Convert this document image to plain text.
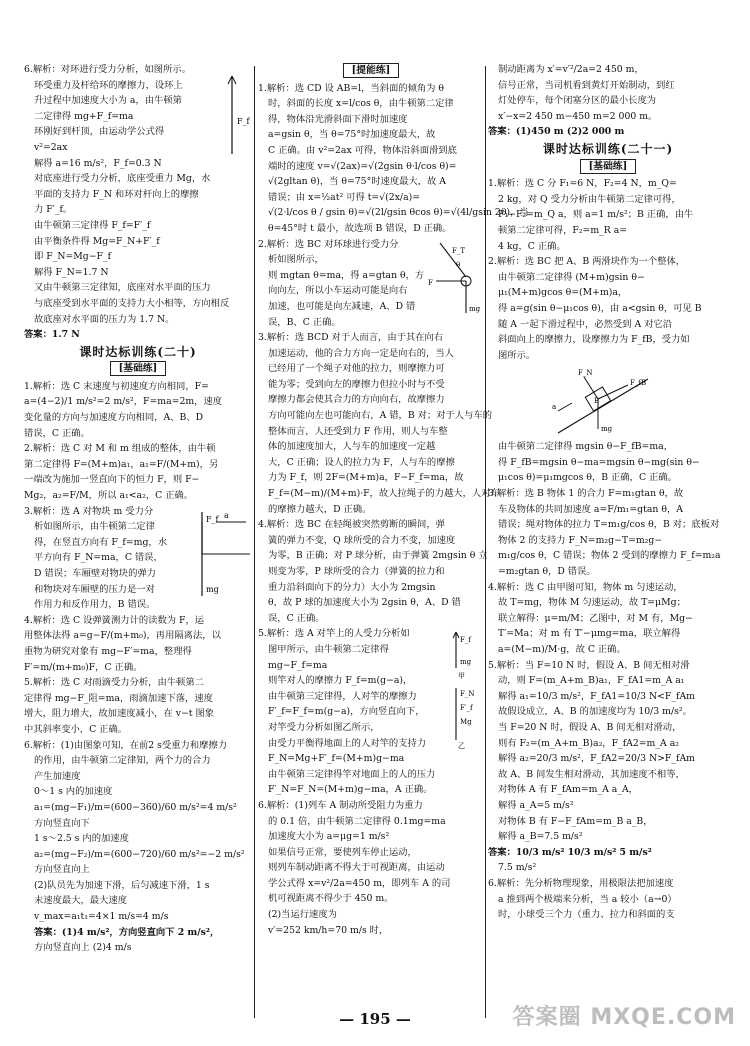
F_f

6.解析：对环进行受力分析，如图所示。

环受重力及杆给环的摩擦力，设环上

升过程中加速度大小为 a，由牛顿第

二定律得 mg+F_f=ma

环刚好到杆顶，由运动学公式得

v²=2ax

解得 a=16 m/s²，F_f=0.3 N

对底座进行受力分析，底座受重力 Mg，水

平面的支持力 F_N 和环对杆向上的摩擦

力 F′_f。

由牛顿第三定律得 F_f=F′_f

由平衡条件得 Mg=F_N+F′_f

即 F_N=Mg−F_f

解得 F_N=1.7 N

又由牛顿第三定律知，底座对水平面的压力

与底座受到水平面的支持力大小相等，方向相反

故底座对水平面的压力为 1.7 N。

答案：1.7 N

课时达标训练(二十)
[基础练]

1.解析：选 C 末速度与初速度方向相同，F=

a=(4−2)/1 m/s²=2 m/s²，F=ma=2m，速度

变化量的方向与加速度方向相同，A、B、D

错误，C 正确。

2.解析：选 C 对 M 和 m 组成的整体，由牛顿

第二定律得 F=(M+m)a₁，a₁=F/(M+m)，另

一端改为施加一竖直向下的恒力 F，则 F−

Mg₂，a₂=F/M，所以 a₁<a₂，C 正确。

F_f a
mg

3.解析：选 A 对物块 m 受力分

析如图所示，由牛顿第二定律

得，在竖直方向有 F_f=mg，水

平方向有 F_N=ma，C 错误，

D 错误；车厢壁对物块的弹力

和物块对车厢壁的压力是一对

作用力和反作用力，B 错误。

4.解析：选 C 设弹簧测力计的读数为 F，运

用整体法得 a=g−F/(m+m₀)，再用隔离法，以

重物为研究对象有 mg−F′=ma，整理得

F′=m/(m+m₀)F，C 正确。

5.解析：选 C 对雨滴受力分析，由牛顿第二

定律得 mg−F_阻=ma，雨滴加速下落，速度

增大，阻力增大，故加速度减小，在 v−t 图象

中其斜率变小，C 正确。

6.解析：(1)由图象可知，在前2 s受重力和摩擦力

的作用，由牛顿第二定律知，两个力的合力

产生加速度

0～1 s 内的加速度

a₁=(mg−F₁)/m=(600−360)/60 m/s²=4 m/s²

方向竖直向下

1 s～2.5 s 内的加速度

a₂=(mg−F₂)/m=(600−720)/60 m/s²=−2 m/s²

方向竖直向上

(2)队员先为加速下滑，后匀减速下滑，1 s

末速度最大，最大速度

v_max=a₁t₁=4×1 m/s=4 m/s

答案：(1)4 m/s²，方向竖直向下 2 m/s²，

方向竖直向上 (2)4 m/s

[提能练]

1.解析：选 CD 设 AB=l，当斜面的倾角为 θ

时，斜面的长度 x=l/cos θ，由牛顿第二定律

得，物体沿光滑斜面下滑时加速度

a=gsin θ，当 θ=75°时加速度最大，故

C 正确。由 v²=2ax 可得，物体沿斜面滑到底

端时的速度 v=√(2ax)=√(2gsin θ·l/cos θ)=

√(2gltan θ)，当 θ=75°时速度最大，故 A

错误；由 x=½at² 可得 t=√(2x/a)=

√(2·l/cos θ / gsin θ)=√(2l/gsin θcos θ)=√(4l/gsin 2θ)，当

θ=45°时 t 最小，故选项 B 错误，D 正确。

F_T
F
θ
mg

2.解析：选 BC 对环球进行受力分

析如图所示，

则 mgtan θ=ma，得 a=gtan θ，方

向向左，所以小车运动可能是向右

加速，也可能是向左减速，A、D 错

误，B、C 正确。

3.解析：选 BCD 对于人而言，由于其在向右

加速运动，他的合力方向一定是向右的，当人

已经用了一个绳子对他的拉力，则摩擦力可

能为零；受到向左的摩擦力但拉小时与不受

摩擦力都会使其合力的方向向右，故摩擦力

方向可能向左也可能向右，A 错，B 对；对于人与车的

整体而言，人还受到力 F 作用，则人与车整

体的加速度加大，人与车的加速度一定越

大，C 正确；设人的拉力为 F，人与车的摩擦

力为 F_f，则 2F=(M+m)a，F−F_f=ma，故

F_f=(M−m)/(M+m)·F，故人拉绳子的力越大，人对车

的摩擦力越大，D 正确。

4.解析：选 BC 在轻绳被突然剪断的瞬间，弹

簧的弹力不变，Q 球所受的合力不变，加速度

为零，B 正确；对 P 球分析，由于弹簧 2mgsin θ 立

则变为零，P 球所受的合力（弹簧的拉力和

重力沿斜面向下的分力）大小为 2mgsin

θ，故 P 球的加速度大小为 2gsin θ，A、D 错

误，C 正确。

F_f
mg
甲
F_N
F′_f
Mg
乙

5.解析：选 A 对竿上的人受力分析如

图甲所示，由牛顿第二定律得

mg−F_f=ma

则竿对人的摩擦力 F_f=m(g−a)，

由牛顿第三定律得，人对竿的摩擦力

F′_f=F_f=m(g−a)，方向竖直向下，

对竿受力分析如图乙所示，

由受力平衡得地面上的人对竿的支持力

F_N=Mg+F′_f=(M+m)g−ma

由牛顿第三定律得竿对地面上的人的压力

F′_N=F_N=(M+m)g−ma，A 正确。

6.解析：(1)列车 A 制动所受阻力为重力

的 0.1 倍，由牛顿第二定律得 0.1mg=ma

加速度大小为 a=μg=1 m/s²

如果信号正常，要使列车停止运动，

则列车制动距离不得大于可视距离，由运动

学公式得 x=v²/2a=450 m，即列车 A 的司

机可视距离不得少于 450 m。

(2)当运行速度为

v′=252 km/h=70 m/s 时，

制动距离为 x′=v′²/2a=2 450 m，

信号正常，当司机看到黄灯开始制动，到红

灯处停车，每个闭塞分区的最小长度为

x′−x=2 450 m−450 m=2 000 m。

答案：(1)450 m (2)2 000 m

课时达标训练(二十一)
[基础练]

1.解析：选 C 分 F₁=6 N，F₂=4 N，m_Q=

2 kg，对 Q 受力分析由牛顿第二定律可得，

F₁−F₂=m_Q a，则 a=1 m/s²；B 正确，由牛

顿第二定律可得，F₂=m_R a=

4 kg，C 正确。

2.解析：选 BC 把 A、B 两滑块作为一个整体，

由牛顿第二定律得 (M+m)gsin θ−

μ₁(M+m)gcos θ=(M+m)a，

得 a=g(sin θ−μ₁cos θ)，由 a<gsin θ，可见 B

随 A 一起下滑过程中，必然受到 A 对它沿

斜面向上的摩擦力，设摩擦力为 F_fB，受力如

图所示。

F_N
F_fB
a
B
mg

由牛顿第二定律得 mgsin θ−F_fB=ma，

得 F_fB=mgsin θ−ma=mgsin θ−mg(sin θ−

μ₁cos θ)=μ₁mgcos θ，B 正确，C 正确。

3.解析：选 B 物体 1 的合力 F=m₁gtan θ，故

车及物体的共同加速度 a=F/m₁=gtan θ，A

错误；绳对物体的拉力 T=m₁g/cos θ，B 对；底板对

物体 2 的支持力 F_N=m₂g−T=m₂g−

m₁g/cos θ，C 错误；物体 2 受到的摩擦力 F_f=m₂a

=m₂gtan θ，D 错误。

4.解析：选 C 由甲图可知，物体 m 匀速运动，

故 T=mg，物体 M 匀速运动，故 T=μMg；

联立解得：μ=m/M；乙图中，对 M 有，Mg−

T′=Ma；对 m 有 T′−μmg=ma，联立解得

a=(M−m)/M·g，故 C 正确。

5.解析：当 F=10 N 时，假设 A、B 间无相对滑

动，则 F=(m_A+m_B)a₁，F_fA1=m_A a₁

解得 a₁=10/3 m/s²，F_fA1=10/3 N<F_fAm

故假设成立，A、B 的加速度均为 10/3 m/s²。

当 F=20 N 时，假设 A、B 间无相对滑动，

则有 F₂=(m_A+m_B)a₂，F_fA2=m_A a₂

解得 a₂=20/3 m/s²，F_fA2=20/3 N>F_fAm

故 A、B 间发生相对滑动，其加速度不相等，

对物体 A 有 F_fAm=m_A a_A，

解得 a_A=5 m/s²

对物体 B 有 F−F_fAm=m_B a_B，

解得 a_B=7.5 m/s²

答案：10/3 m/s² 10/3 m/s² 5 m/s²

7.5 m/s²

6.解析：先分析物理现象，用极限法把加速度

a 推到两个极端来分析，当 a 较小（a→0）

时，小球受三个力（重力、拉力和斜面的支

— 195 —	答案圈 MXQE.COM
